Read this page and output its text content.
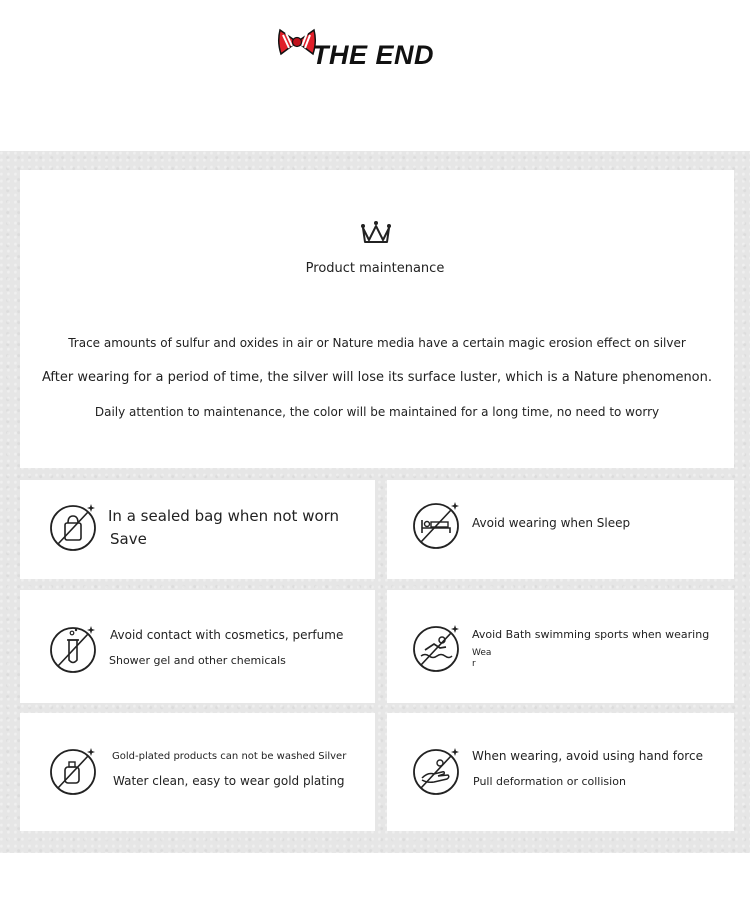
THE END
Product maintenance
Trace amounts of sulfur and oxides in air or Nature media have a certain magic erosion effect on silver
After wearing for a period of time, the silver will lose its surface luster, which is a Nature phenomenon.
Daily attention to maintenance, the color will be maintained for a long time, no need to worry
In a sealed bag when not worn
Save
Avoid wearing when Sleep
Avoid contact with cosmetics, perfume
Shower gel and other chemicals
Avoid Bath swimming sports when wearing
Wea
r
Gold-plated products can not be washed Silver
Water clean, easy to wear gold plating
When wearing, avoid using hand force
Pull deformation or collision
